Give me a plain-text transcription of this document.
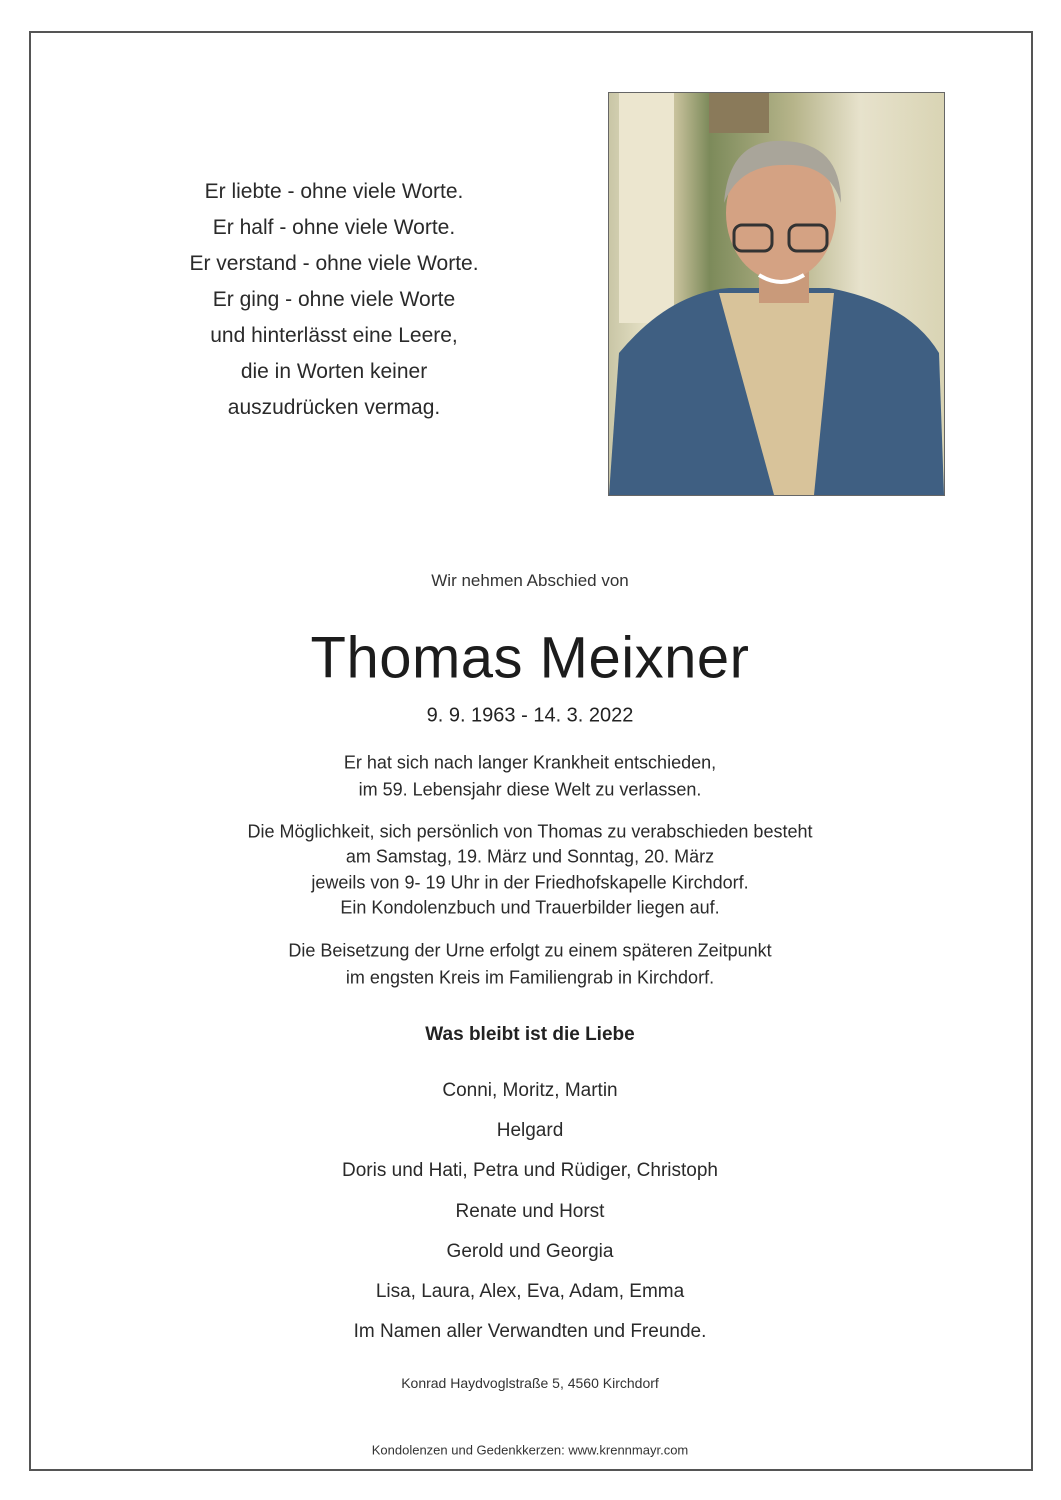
Er liebte - ohne viele Worte.
Er half - ohne viele Worte.
Er verstand - ohne viele Worte.
Er ging - ohne viele Worte
und hinterlässt eine Leere,
die in Worten keiner
auszudrücken vermag.
Wir nehmen Abschied von
Thomas Meixner
9. 9. 1963 - 14. 3. 2022
Er hat sich nach langer Krankheit entschieden,
im 59. Lebensjahr diese Welt zu verlassen.
Die Möglichkeit, sich persönlich von Thomas zu verabschieden besteht
am Samstag, 19. März und Sonntag, 20. März
jeweils von 9- 19 Uhr in der Friedhofskapelle Kirchdorf.
Ein Kondolenzbuch und Trauerbilder liegen auf.
Die Beisetzung der Urne erfolgt zu einem späteren Zeitpunkt
im engsten Kreis im Familiengrab in Kirchdorf.
Was bleibt ist die Liebe
Conni, Moritz, Martin
Helgard
Doris und Hati, Petra und Rüdiger, Christoph
Renate und Horst
Gerold und Georgia
Lisa, Laura, Alex, Eva, Adam, Emma
Im Namen aller Verwandten und Freunde.
Konrad Haydvoglstraße 5, 4560 Kirchdorf
Kondolenzen und Gedenkkerzen: www.krennmayr.com
